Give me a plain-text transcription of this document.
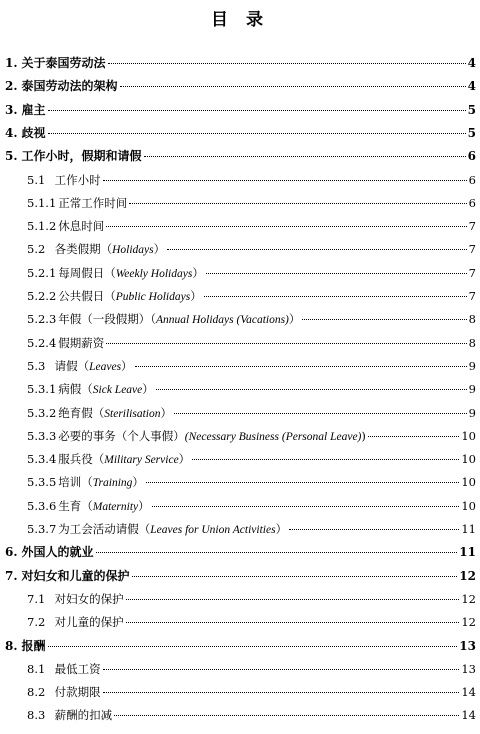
目 录
1. 关于泰国劳动法	4
2. 泰国劳动法的架构	4
3. 雇主	5
4. 歧视	5
5. 工作小时，假期和请假	6
5.1  工作小时	6
5.1.1 正常工作时间	6
5.1.2 休息时间	7
5.2  各类假期（Holidays）	7
5.2.1 每周假日（Weekly Holidays）	7
5.2.2 公共假日（Public Holidays）	7
5.2.3 年假（一段假期）（Annual Holidays (Vacations)）	8
5.2.4 假期薪资	8
5.3  请假（Leaves）	9
5.3.1 病假（Sick Leave）	9
5.3.2 绝育假（Sterilisation）	9
5.3.3 必要的事务（个人事假）(Necessary Business (Personal Leave))	10
5.3.4 服兵役（Military Service）	10
5.3.5 培训（Training）	10
5.3.6 生育（Maternity）	10
5.3.7 为工会活动请假（Leaves for Union Activities）	11
6. 外国人的就业	11
7. 对妇女和儿童的保护	12
7.1  对妇女的保护	12
7.2  对儿童的保护	12
8. 报酬	13
8.1  最低工资	13
8.2  付款期限	14
8.3  薪酬的扣减	14
